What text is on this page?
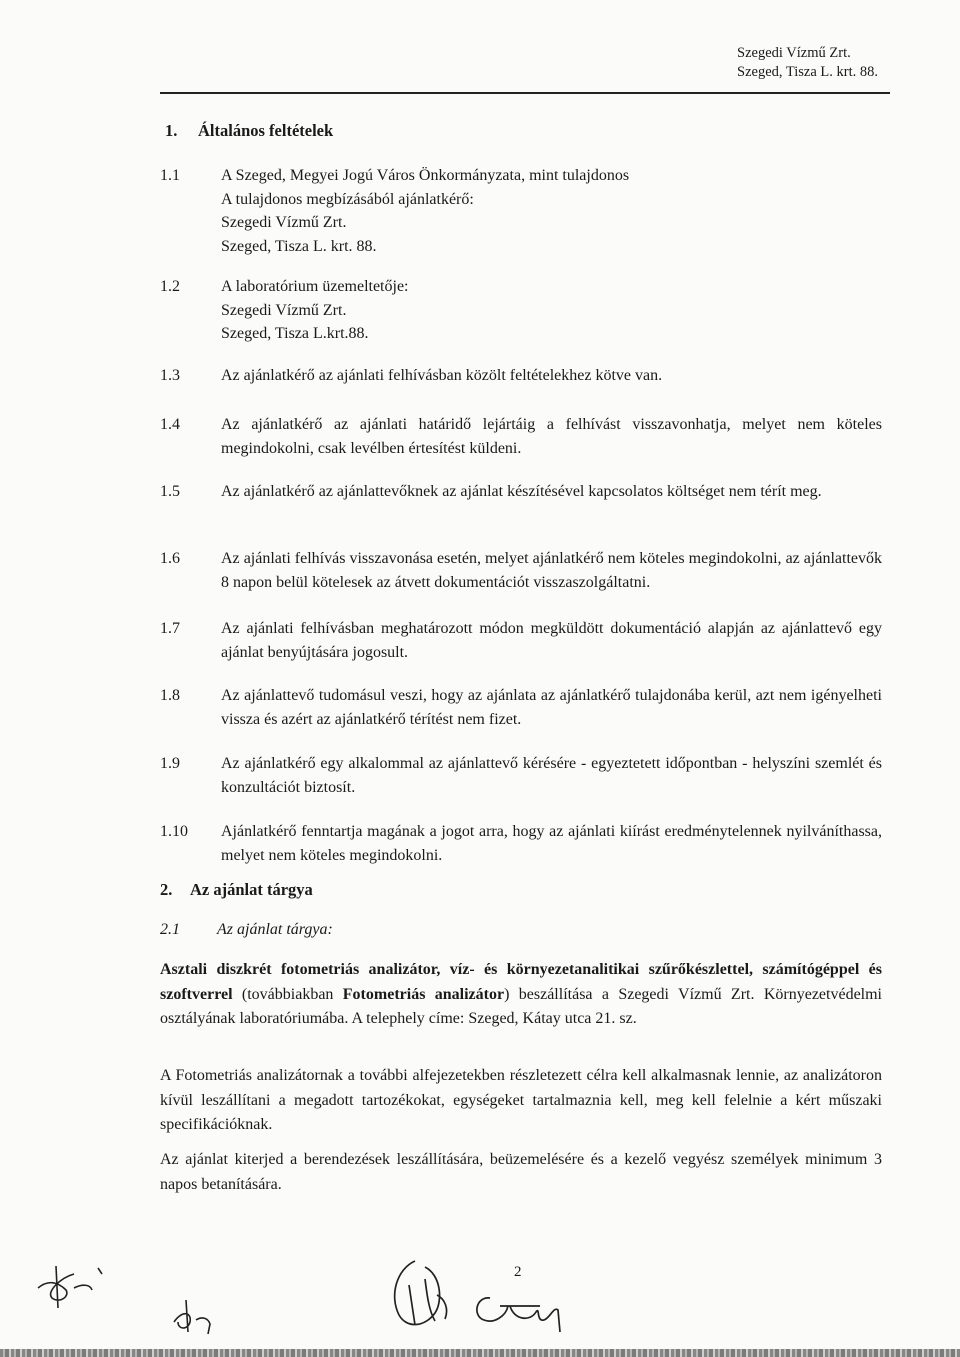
Szegedi Vízmű Zrt.
Szeged, Tisza L. krt. 88.
1. Általános feltételek
1.1	A Szeged, Megyei Jogú Város Önkormányzata, mint tulajdonos
A tulajdonos megbízásából ajánlatkérő:
Szegedi Vízmű Zrt.
Szeged, Tisza L. krt. 88.
1.2	A laboratórium üzemeltetője:
Szegedi Vízmű Zrt.
Szeged, Tisza L.krt.88.
1.3	Az ajánlatkérő az ajánlati felhívásban közölt feltételekhez kötve van.
1.4	Az ajánlatkérő az ajánlati határidő lejártáig a felhívást visszavonhatja, melyet nem köteles megindokolni, csak levélben értesítést küldeni.
1.5	Az ajánlatkérő az ajánlattevőknek az ajánlat készítésével kapcsolatos költséget nem térít meg.
1.6	Az ajánlati felhívás visszavonása esetén, melyet ajánlatkérő nem köteles megindokolni, az ajánlattevők 8 napon belül kötelesek az átvett dokumentációt visszaszolgáltatni.
1.7	Az ajánlati felhívásban meghatározott módon megküldött dokumentáció alapján az ajánlattevő egy ajánlat benyújtására jogosult.
1.8	Az ajánlattevő tudomásul veszi, hogy az ajánlata az ajánlatkérő tulajdonába kerül, azt nem igényelheti vissza és azért az ajánlatkérő térítést nem fizet.
1.9	Az ajánlatkérő egy alkalommal az ajánlattevő kérésére - egyeztetett időpontban - helyszíni szemlét és konzultációt biztosít.
1.10	Ajánlatkérő fenntartja magának a jogot arra, hogy az ajánlati kiírást eredménytelennek nyilváníthassa, melyet nem köteles megindokolni.
2. Az ajánlat tárgya
2.1 Az ajánlat tárgya:
Asztali diszkrét fotometriás analizátor, víz- és környezetanalitikai szűrőkészlettel, számítógéppel és szoftverrel (továbbiakban Fotometriás analizátor) beszállítása a Szegedi Vízmű Zrt. Környezetvédelmi osztályának laboratóriumába. A telephely címe: Szeged, Kátay utca 21. sz.
A Fotometriás analizátornak a további alfejezetekben részletezett célra kell alkalmasnak lennie, az analizátoron kívül leszállítani a megadott tartozékokat, egységeket tartalmaznia kell, meg kell felelnie a kért műszaki specifikációknak.
Az ajánlat kiterjed a berendezések leszállítására, beüzemelésére és a kezelő vegyész személyek minimum 3 napos betanítására.
2
